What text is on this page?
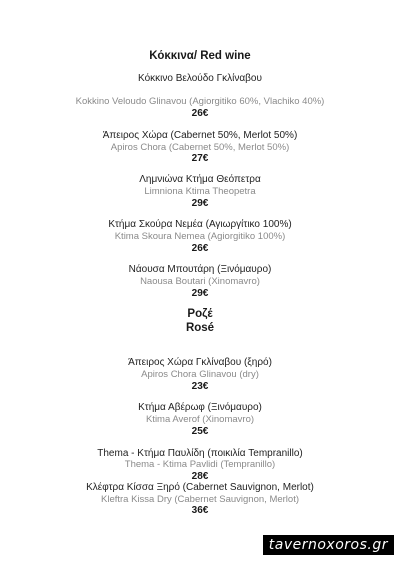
Κόκκινα/ Red wine
Κόκκινο Βελούδο Γκλίναβου
Kokkino Veloudo Glinavou (Agiorgitiko 60%, Vlachiko 40%)
26€
Άπειρος Χώρα (Cabernet 50%, Merlot 50%)
Apiros Chora (Cabernet 50%, Merlot 50%)
27€
Λημνιώνα Κτήμα Θεόπετρα
Limniona Ktima Theopetra
29€
Κτήμα Σκούρα Νεμέα (Αγιωργίτικο 100%)
Ktima Skoura Nemea (Agiorgitiko 100%)
26€
Νάουσα Μπουτάρη (Ξινόμαυρο)
Naousa Boutari (Xinomavro)
29€
Ροζέ
Rosé
Άπειρος Χώρα Γκλίναβου (ξηρό)
Apiros Chora Glinavou (dry)
23€
Κτήμα Αβέρωφ (Ξινόμαυρο)
Ktima Averof (Xinomavro)
25€
Thema - Κτήμα Παυλίδη (ποικιλία Tempranillo)
Thema - Ktima Pavlidi (Tempranillo)
28€
Κλέφτρα Κίσσα Ξηρό (Cabernet Sauvignon, Merlot)
Kleftra Kissa Dry (Cabernet Sauvignon, Merlot)
36€
tavernoxoros.gr
